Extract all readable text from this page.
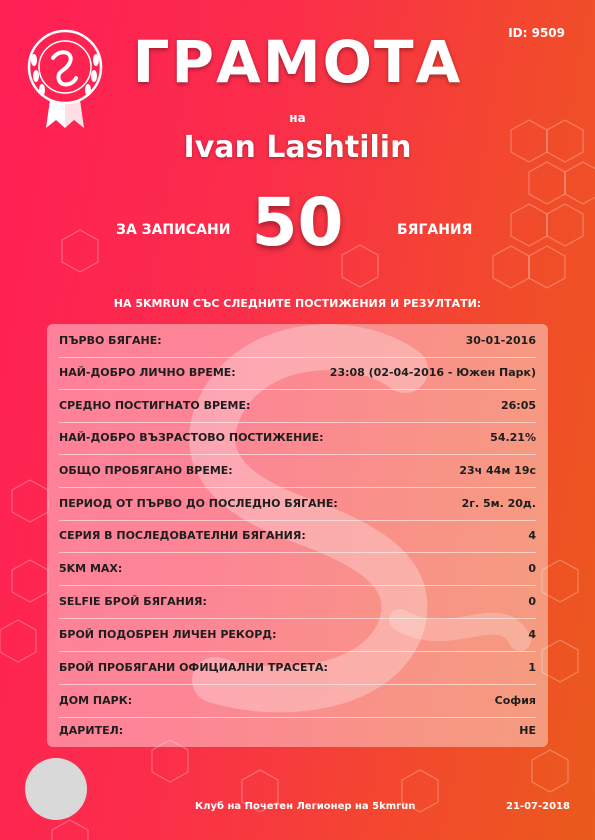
ID: 9509
ГРАМОТА
на
Ivan Lashtilin
ЗА ЗАПИСАНИ 50	БЯГАНИЯ
НА 5KMRUN СЪС СЛЕДНИТЕ ПОСТИЖЕНИЯ И РЕЗУЛТАТИ:
ПЪРВО БЯГАНЕ:	30-01-2016
НАЙ-ДОБРО ЛИЧНО ВРЕМЕ:	23:08 (02-04-2016 - Южен Парк)
СРЕДНО ПОСТИГНАТО ВРЕМЕ:	26:05
НАЙ-ДОБРО ВЪЗРАСТОВО ПОСТИЖЕНИЕ:	54.21%
ОБЩО ПРОБЯГАНО ВРЕМЕ:	23ч 44м 19с
ПЕРИОД ОТ ПЪРВО ДО ПОСЛЕДНО БЯГАНЕ:	2г. 5м. 20д.
СЕРИЯ В ПОСЛЕДОВАТЕЛНИ БЯГАНИЯ:	4
5KM MAX:	0
SELFIE БРОЙ БЯГАНИЯ:	0
БРОЙ ПОДОБРЕН ЛИЧЕН РЕКОРД:	4
БРОЙ ПРОБЯГАНИ ОФИЦИАЛНИ ТРАСЕТА:	1
ДОМ ПАРК:	София
ДАРИТЕЛ:	НЕ
Клуб на Почетен Легионер на 5kmrun	21-07-2018
